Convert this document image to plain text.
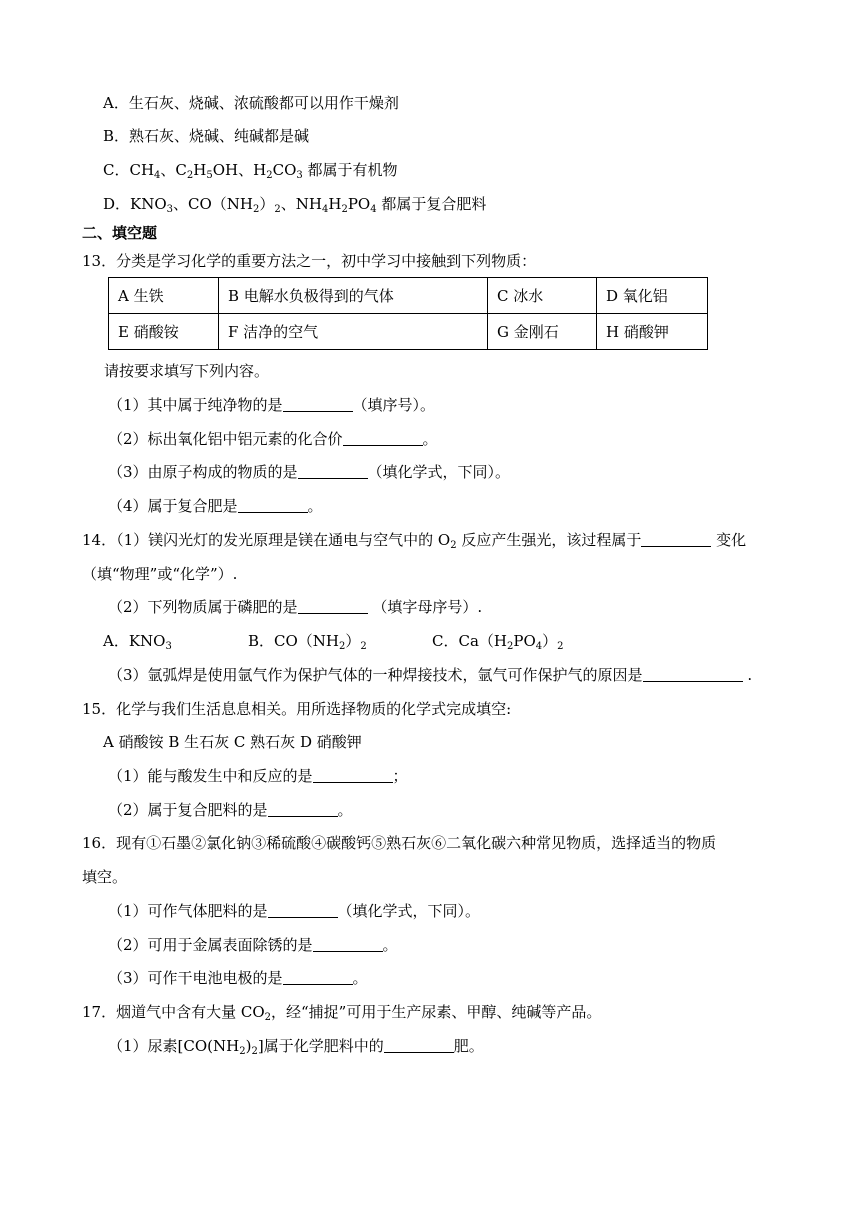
A．生石灰、烧碱、浓硫酸都可以用作干燥剂
B．熟石灰、烧碱、纯碱都是碱
C．$CH_4$、$C_2H_5OH$、$H_2CO_3$ 都属于有机物
D．$KNO_3$、$CO(NH_2)_2$、$NH_4H_2PO_4$ 都属于复合肥料
二、填空题
13．分类是学习化学的重要方法之一，初中学习中接触到下列物质：
A 生铁	B 电解水负极得到的气体	C 冰水	D 氧化铝
E 硝酸铵	F 洁净的空气	G 金刚石	H 硝酸钾
请按要求填写下列内容。
（1）其中属于纯净物的是	（填序号）。
（2）标出氧化铝中铝元素的化合价	。
（3）由原子构成的物质的是	（填化学式，下同）。
（4）属于复合肥是	。
14．（1）镁闪光灯的发光原理是镁在通电与空气中的 $O_2$ 反应产生强光，该过程属于	变化
（填“物理”或“化学”）.
（2）下列物质属于磷肥的是	（填字母序号）.
A．$KNO_3$	B．$CO(NH_2)_2$	C．$Ca(H_2PO_4)_2$
（3）氩弧焊是使用氩气作为保护气体的一种焊接技术，氩气可作保护气的原因是	.
15．化学与我们生活息息相关。用所选择物质的化学式完成填空:
A 硝酸铵 B 生石灰 C 熟石灰 D 硝酸钾
（1）能与酸发生中和反应的是	；
（2）属于复合肥料的是	。
16．现有①石墨②氯化钠③稀硫酸④碳酸钙⑤熟石灰⑥二氧化碳六种常见物质，选择适当的物质
填空。
（1）可作气体肥料的是	（填化学式，下同）。
（2）可用于金属表面除锈的是	。
（3）可作干电池电极的是	。
17．烟道气中含有大量 $CO_2$，经“捕捉”可用于生产尿素、甲醇、纯碱等产品。
（1）尿素$[CO(NH_2)_2]$属于化学肥料中的	肥。
